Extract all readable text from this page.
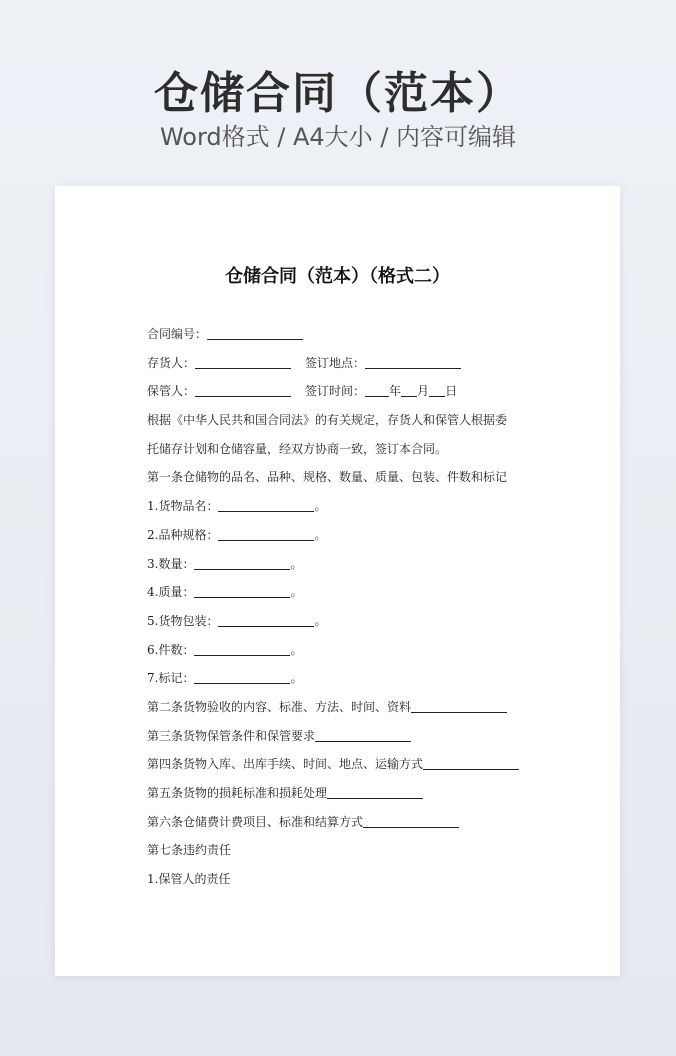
仓储合同（范本）
Word格式 / A4大小 / 内容可编辑
仓储合同（范本）（格式二）
合同编号：
存货人：	签订地点：
保管人：	签订时间： 年 月 日
根据《中华人民共和国合同法》的有关规定，存货人和保管人根据委
托储存计划和仓储容量，经双方协商一致，签订本合同。
第一条仓储物的品名、品种、规格、数量、质量、包装、件数和标记
1.货物品名：	。
2.品种规格：	。
3.数量：	。
4.质量：	。
5.货物包装：	。
6.件数：	。
7.标记：	。
第二条货物验收的内容、标准、方法、时间、资料
第三条货物保管条件和保管要求
第四条货物入库、出库手续、时间、地点、运输方式
第五条货物的损耗标准和损耗处理
第六条仓储费计费项目、标准和结算方式
第七条违约责任
1.保管人的责任
